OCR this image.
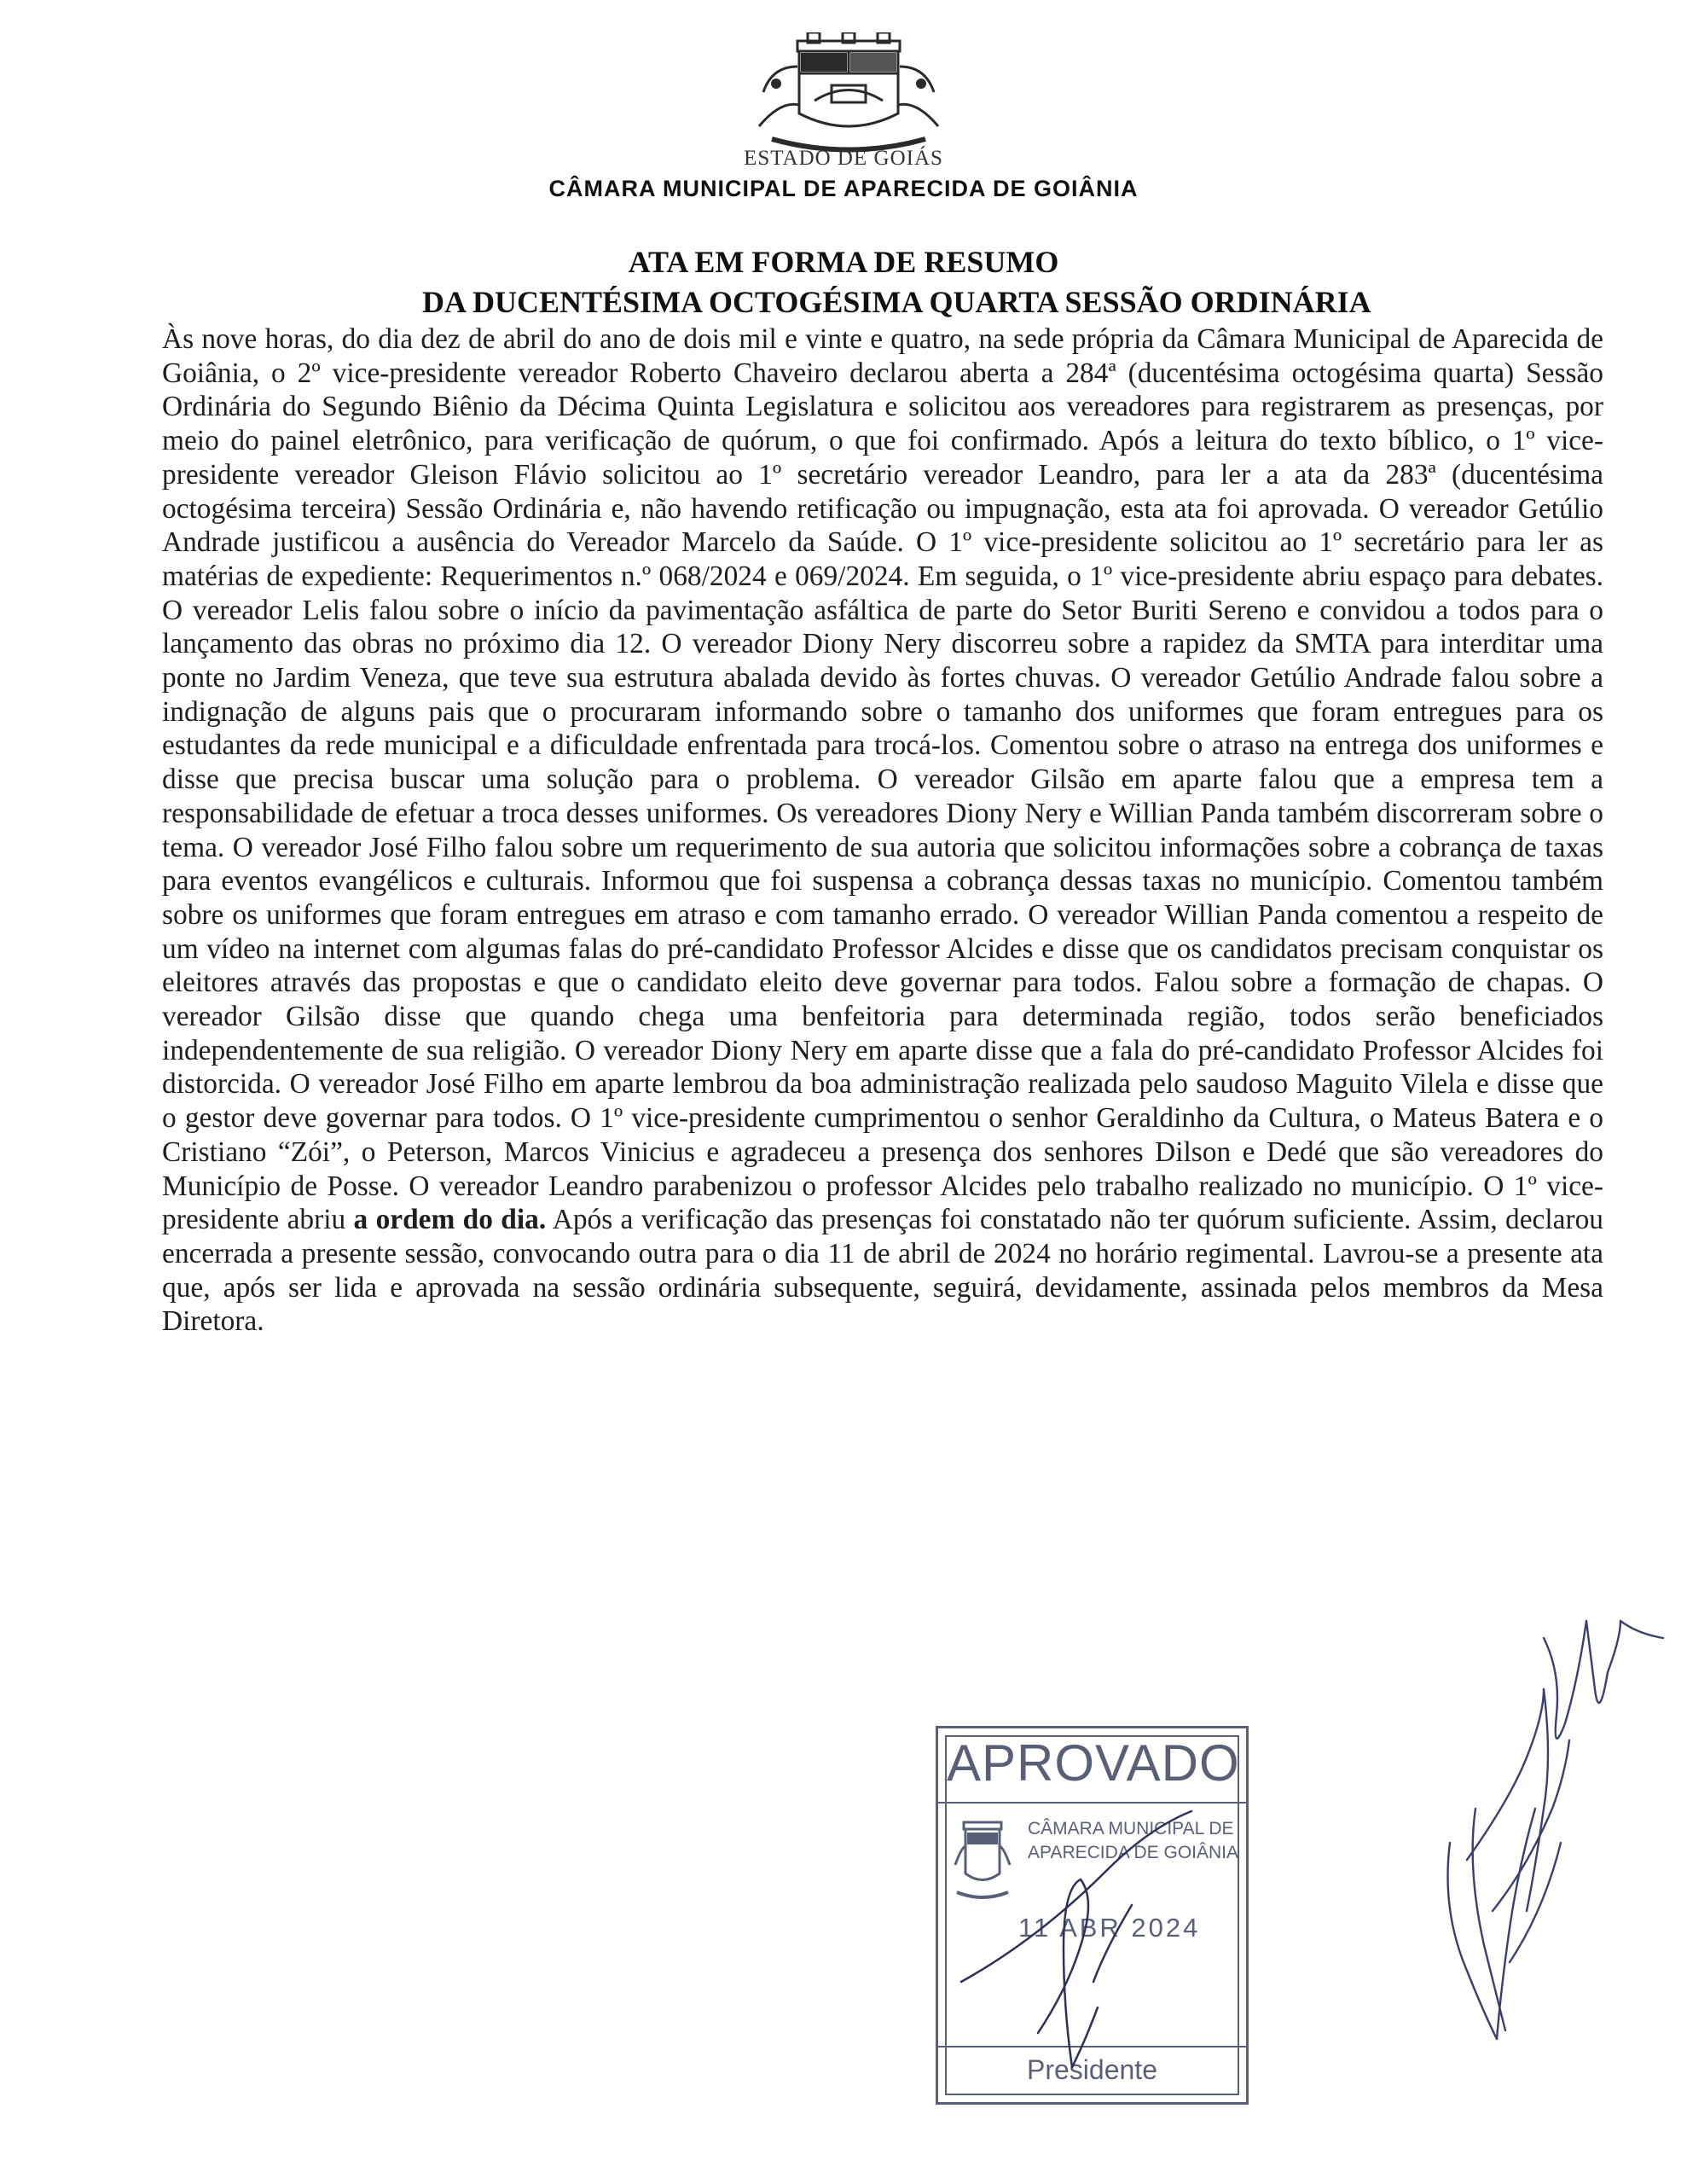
ESTADO DE GOIÁS
CÂMARA MUNICIPAL DE APARECIDA DE GOIÂNIA
ATA EM FORMA DE RESUMO
DA DUCENTÉSIMA OCTOGÉSIMA QUARTA SESSÃO ORDINÁRIA
Às nove horas, do dia dez de abril do ano de dois mil e vinte e quatro, na sede própria da Câmara Municipal de Aparecida de Goiânia, o 2º vice-presidente vereador Roberto Chaveiro declarou aberta a 284ª (ducentésima octogésima quarta) Sessão Ordinária do Segundo Biênio da Décima Quinta Legislatura e solicitou aos vereadores para registrarem as presenças, por meio do painel eletrônico, para verificação de quórum, o que foi confirmado. Após a leitura do texto bíblico, o 1º vice-presidente vereador Gleison Flávio solicitou ao 1º secretário vereador Leandro, para ler a ata da 283ª (ducentésima octogésima terceira) Sessão Ordinária e, não havendo retificação ou impugnação, esta ata foi aprovada. O vereador Getúlio Andrade justificou a ausência do Vereador Marcelo da Saúde. O 1º vice-presidente solicitou ao 1º secretário para ler as matérias de expediente: Requerimentos n.º 068/2024 e 069/2024. Em seguida, o 1º vice-presidente abriu espaço para debates. O vereador Lelis falou sobre o início da pavimentação asfáltica de parte do Setor Buriti Sereno e convidou a todos para o lançamento das obras no próximo dia 12. O vereador Diony Nery discorreu sobre a rapidez da SMTA para interditar uma ponte no Jardim Veneza, que teve sua estrutura abalada devido às fortes chuvas. O vereador Getúlio Andrade falou sobre a indignação de alguns pais que o procuraram informando sobre o tamanho dos uniformes que foram entregues para os estudantes da rede municipal e a dificuldade enfrentada para trocá-los. Comentou sobre o atraso na entrega dos uniformes e disse que precisa buscar uma solução para o problema. O vereador Gilsão em aparte falou que a empresa tem a responsabilidade de efetuar a troca desses uniformes. Os vereadores Diony Nery e Willian Panda também discorreram sobre o tema. O vereador José Filho falou sobre um requerimento de sua autoria que solicitou informações sobre a cobrança de taxas para eventos evangélicos e culturais. Informou que foi suspensa a cobrança dessas taxas no município. Comentou também sobre os uniformes que foram entregues em atraso e com tamanho errado. O vereador Willian Panda comentou a respeito de um vídeo na internet com algumas falas do pré-candidato Professor Alcides e disse que os candidatos precisam conquistar os eleitores através das propostas e que o candidato eleito deve governar para todos. Falou sobre a formação de chapas. O vereador Gilsão disse que quando chega uma benfeitoria para determinada região, todos serão beneficiados independentemente de sua religião. O vereador Diony Nery em aparte disse que a fala do pré-candidato Professor Alcides foi distorcida. O vereador José Filho em aparte lembrou da boa administração realizada pelo saudoso Maguito Vilela e disse que o gestor deve governar para todos. O 1º vice-presidente cumprimentou o senhor Geraldinho da Cultura, o Mateus Batera e o Cristiano “Zói”, o Peterson, Marcos Vinicius e agradeceu a presença dos senhores Dilson e Dedé que são vereadores do Município de Posse. O vereador Leandro parabenizou o professor Alcides pelo trabalho realizado no município. O 1º vice-presidente abriu a ordem do dia. Após a verificação das presenças foi constatado não ter quórum suficiente. Assim, declarou encerrada a presente sessão, convocando outra para o dia 11 de abril de 2024 no horário regimental. Lavrou-se a presente ata que, após ser lida e aprovada na sessão ordinária subsequente, seguirá, devidamente, assinada pelos membros da Mesa Diretora.
APROVADO
CÂMARA MUNICIPAL DE
APARECIDA DE GOIÂNIA
11 ABR 2024
Presidente
